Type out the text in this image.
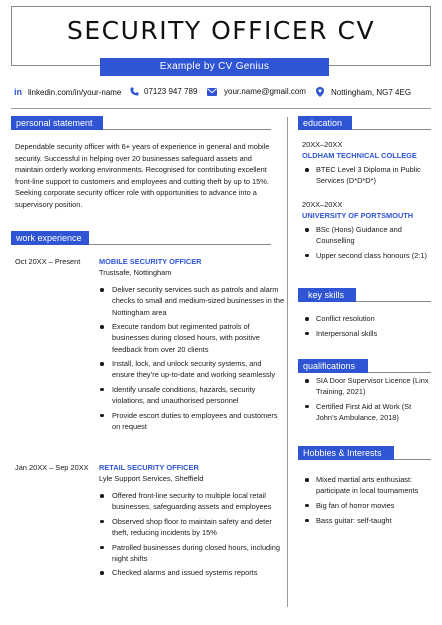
SECURITY OFFICER CV
Example by CV Genius
in linkedin.com/in/your-name	07123 947 789	your.name@gmail.com	Nottingham, NG7 4EG
personal statement
Dependable security officer with 6+ years of experience in general and mobile security. Successful in helping over 20 businesses safeguard assets and maintain orderly working environments. Recognised for contributing excellent front-line support to customers and employees and cutting theft by up to 15%. Seeking corporate security officer role with opportunities to advance into a supervisory position.
work experience
Oct 20XX – Present	MOBILE SECURITY OFFICER
Trustsafe, Nottingham
Deliver security services such as patrols and alarm checks to small and medium-sized businesses in the Nottingham area
Execute random but regimented patrols of businesses during closed hours, with positive feedback from over 20 clients
Install, lock, and unlock security systems, and ensure they’re up-to-date and working seamlessly
Identify unsafe conditions, hazards, security violations, and unauthorised personnel
Provide escort duties to employees and customers on request
Jan 20XX – Sep 20XX RETAIL SECURITY OFFICER
Lyle Support Services, Sheffield
Offered front-line security to multiple local retail businesses, safeguarding assets and employees
Observed shop floor to maintain safety and deter theft, reducing incidents by 15%
Patrolled businesses during closed hours, including night shifts
Checked alarms and issued systems reports
education
20XX–20XX
OLDHAM TECHNICAL COLLEGE
BTEC Level 3 Diploma in Public Services (D*D*D*)
20XX–20XX
UNIVERSITY OF PORTSMOUTH
BSc (Hons) Guidance and Counselling
Upper second class honours (2:1)
key skills
Conflict resolution
Interpersonal skills
qualifications
SIA Door Supervisor Licence (Linx Training, 2021)
Certified First Aid at Work (St John’s Ambulance, 2018)
Hobbies & Interests
Mixed martial arts enthusiast: participate in local tournaments
Big fan of horror movies
Bass guitar: self-taught
